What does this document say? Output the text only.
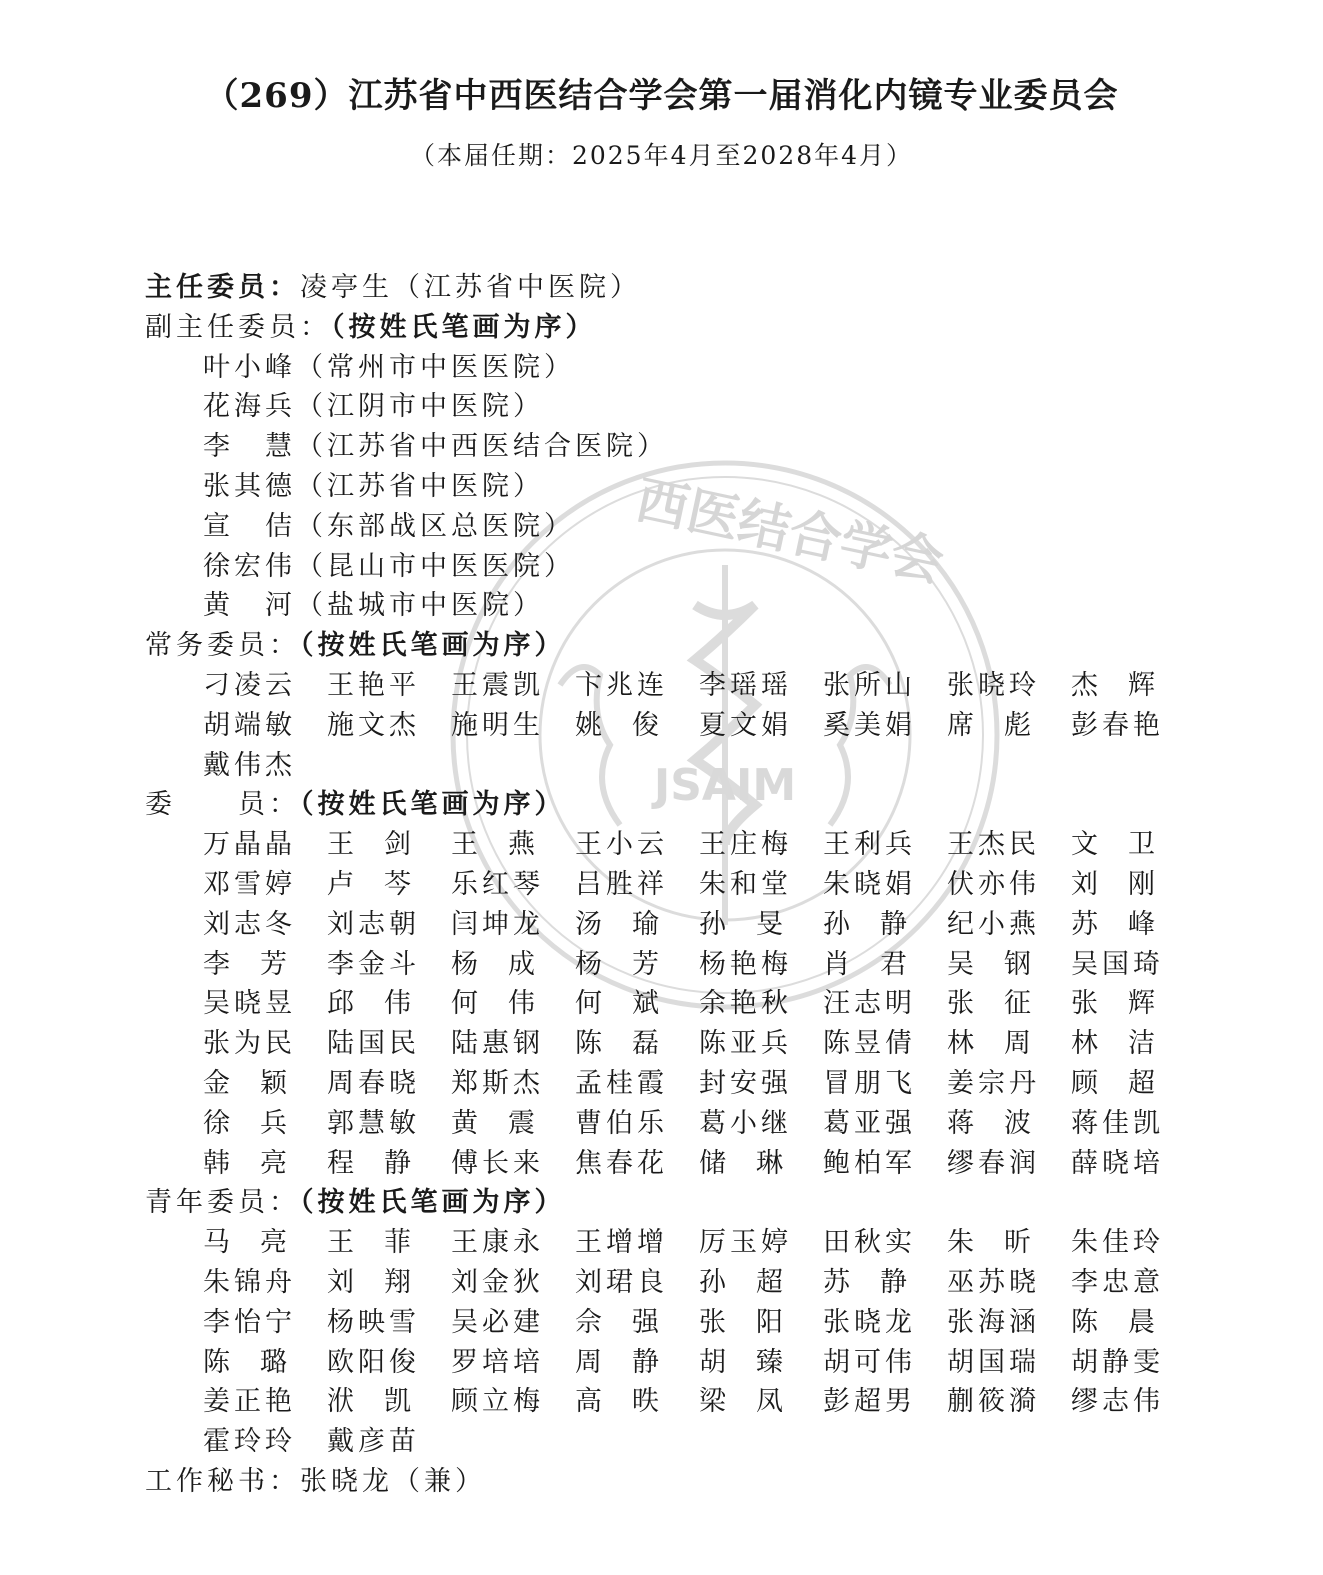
西医结合学会
JSAIM
（269）江苏省中西医结合学会第一届消化内镜专业委员会
（本届任期：2025年4月至2028年4月）
主任委员：凌亭生（江苏省中医院）
副主任委员：（按姓氏笔画为序）
叶小峰（常州市中医医院）
花海兵（江阴市中医院）
李　慧（江苏省中西医结合医院）
张其德（江苏省中医院）
宣　佶（东部战区总医院）
徐宏伟（昆山市中医医院）
黄　河（盐城市中医院）
常务委员：（按姓氏笔画为序）
刁 凌 云 王 艳 平 王 震 凯 卞 兆 连 李 瑶 瑶 张 所 山 张 晓 玲 杰 辉
胡 端 敏 施 文 杰 施 明 生 姚 俊 夏 文 娟 奚 美 娟 席 彪 彭 春 艳
戴 伟 杰
委　　员：（按姓氏笔画为序）
万 晶 晶 王 剑 王 燕 王 小 云 王 庄 梅 王 利 兵 王 杰 民 文 卫
邓 雪 婷 卢 芩 乐 红 琴 吕 胜 祥 朱 和 堂 朱 晓 娟 伏 亦 伟 刘 刚
刘 志 冬 刘 志 朝 闫 坤 龙 汤 瑜 孙 旻 孙 静 纪 小 燕 苏 峰
李 芳 李 金 斗 杨 成 杨 芳 杨 艳 梅 肖 君 吴 钢 吴 国 琦
吴 晓 昱 邱 伟 何 伟 何 斌 余 艳 秋 汪 志 明 张 征 张 辉
张 为 民 陆 国 民 陆 惠 钢 陈 磊 陈 亚 兵 陈 昱 倩 林 周 林 洁
金 颖 周 春 晓 郑 斯 杰 孟 桂 霞 封 安 强 冒 朋 飞 姜 宗 丹 顾 超
徐 兵 郭 慧 敏 黄 震 曹 伯 乐 葛 小 继 葛 亚 强 蒋 波 蒋 佳 凯
韩 亮 程 静 傅 长 来 焦 春 花 储 琳 鲍 柏 军 缪 春 润 薛 晓 培
青年委员：（按姓氏笔画为序）
马 亮 王 菲 王 康 永 王 增 增 厉 玉 婷 田 秋 实 朱 昕 朱 佳 玲
朱 锦 舟 刘 翔 刘 金 狄 刘 珺 良 孙 超 苏 静 巫 苏 晓 李 忠 意
李 怡 宁 杨 映 雪 吴 必 建 佘 强 张 阳 张 晓 龙 张 海 涵 陈 晨
陈 璐 欧 阳 俊 罗 培 培 周 静 胡 臻 胡 可 伟 胡 国 瑞 胡 静 雯
姜 正 艳 洑 凯 顾 立 梅 高 昳 梁 凤 彭 超 男 蒯 筱 漪 缪 志 伟
霍 玲 玲 戴 彦 苗
工作秘书：张晓龙（兼）
